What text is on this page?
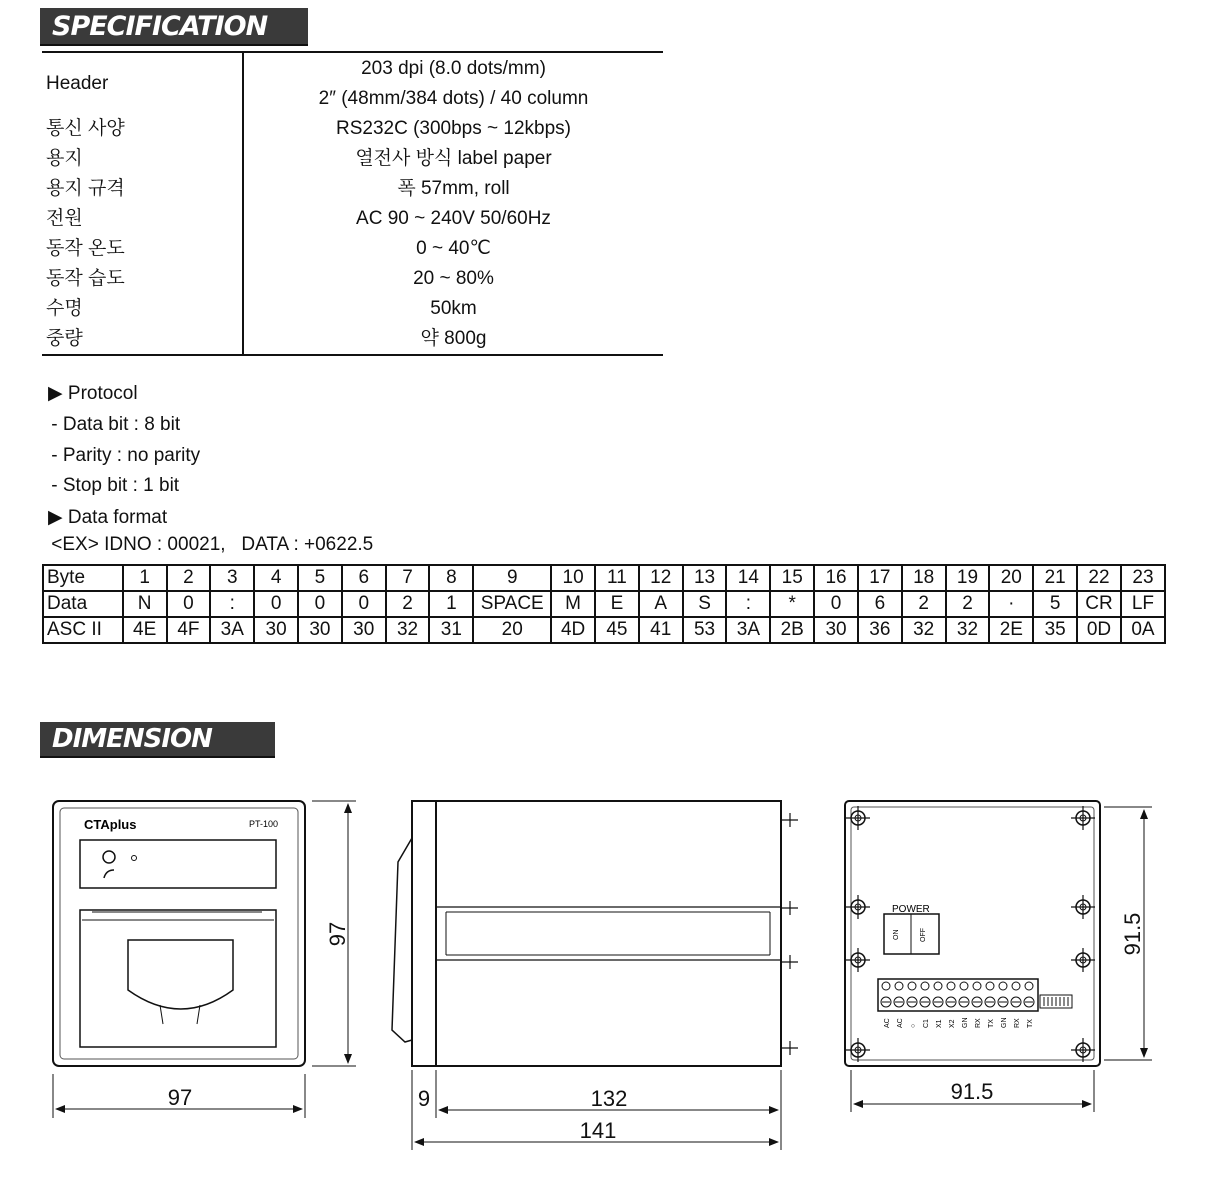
SPECIFICATION
Header	203 dpi (8.0 dots/mm)
	2″ (48mm/384 dots) / 40 column
통신 사양	RS232C (300bps ~ 12kbps)
용지	열전사 방식 label paper
용지 규격	폭 57mm, roll
전원	AC 90 ~ 240V 50/60Hz
동작 온도	0 ~ 40℃
동작 습도	20 ~ 80%
수명	50km
중량	약 800g
▶ Protocol
- Data bit : 8 bit
- Parity : no parity
- Stop bit : 1 bit
▶ Data format
<EX> IDNO : 00021,   DATA : +0622.5
Byte	1	2	3	4	5	6	7	8	9	10	11	12	13	14	15	16	17	18	19	20	21	22	23
Data	N	0	:	0	0	0	2	1	SPACE	M	E	A	S	:	*	0	6	2	2	·	5	CR	LF
ASC II	4E	4F	3A	30	30	30	32	31	20	4D	45	41	53	3A	2B	30	36	32	32	2E	35	0D	0A
DIMENSION
CTAplus	PT-100
97
97
9	132
141
POWER
ON	OFF
AC AC ○ C1 X1 X2 GN RX TX GN RX TX
91.5
91.5
